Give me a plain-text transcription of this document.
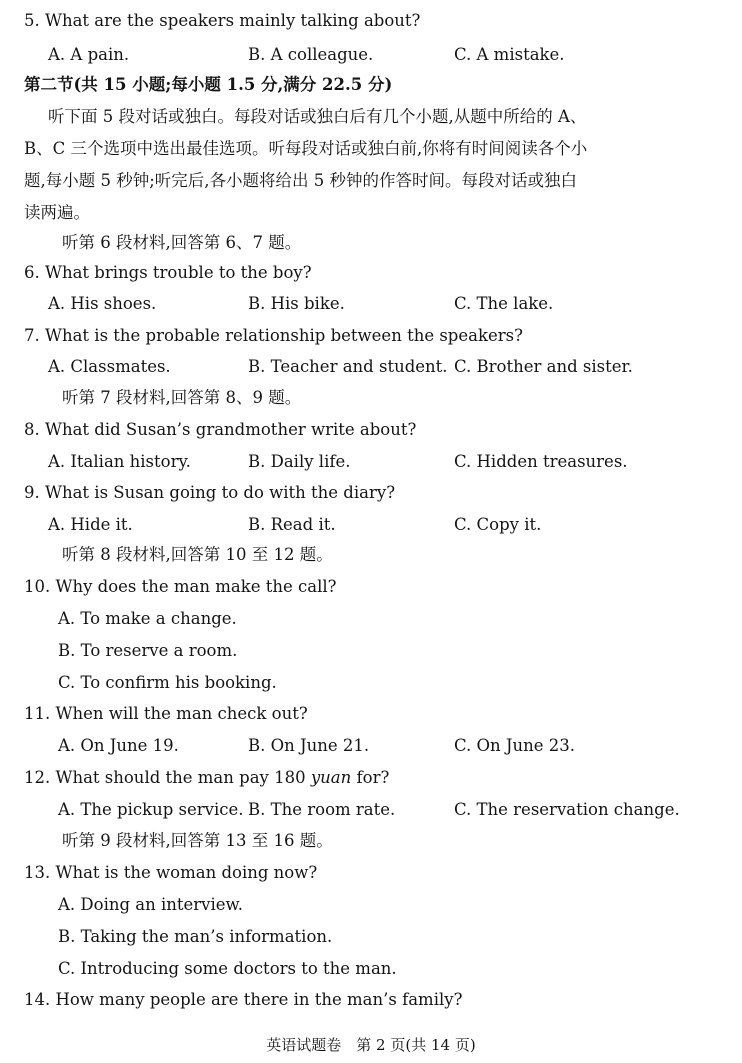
5. What are the speakers mainly talking about?
A. A pain.	B. A colleague.	C. A mistake.
第二节(共 15 小题;每小题 1.5 分,满分 22.5 分)
听下面 5 段对话或独白。每段对话或独白后有几个小题,从题中所给的 A、
B、C 三个选项中选出最佳选项。听每段对话或独白前,你将有时间阅读各个小
题,每小题 5 秒钟;听完后,各小题将给出 5 秒钟的作答时间。每段对话或独白
读两遍。
听第 6 段材料,回答第 6、7 题。
6. What brings trouble to the boy?
A. His shoes.	B. His bike.	C. The lake.
7. What is the probable relationship between the speakers?
A. Classmates.	B. Teacher and student. C. Brother and sister.
听第 7 段材料,回答第 8、9 题。
8. What did Susan’s grandmother write about?
A. Italian history.	B. Daily life.	C. Hidden treasures.
9. What is Susan going to do with the diary?
A. Hide it.	B. Read it.	C. Copy it.
听第 8 段材料,回答第 10 至 12 题。
10. Why does the man make the call?
A. To make a change.
B. To reserve a room.
C. To confirm his booking.
11. When will the man check out?
A. On June 19.	B. On June 21.	C. On June 23.
12. What should the man pay 180 yuan for?
A. The pickup service. B. The room rate.	C. The reservation change.
听第 9 段材料,回答第 13 至 16 题。
13. What is the woman doing now?
A. Doing an interview.
B. Taking the man’s information.
C. Introducing some doctors to the man.
14. How many people are there in the man’s family?
英语试题卷　第 2 页(共 14 页)
